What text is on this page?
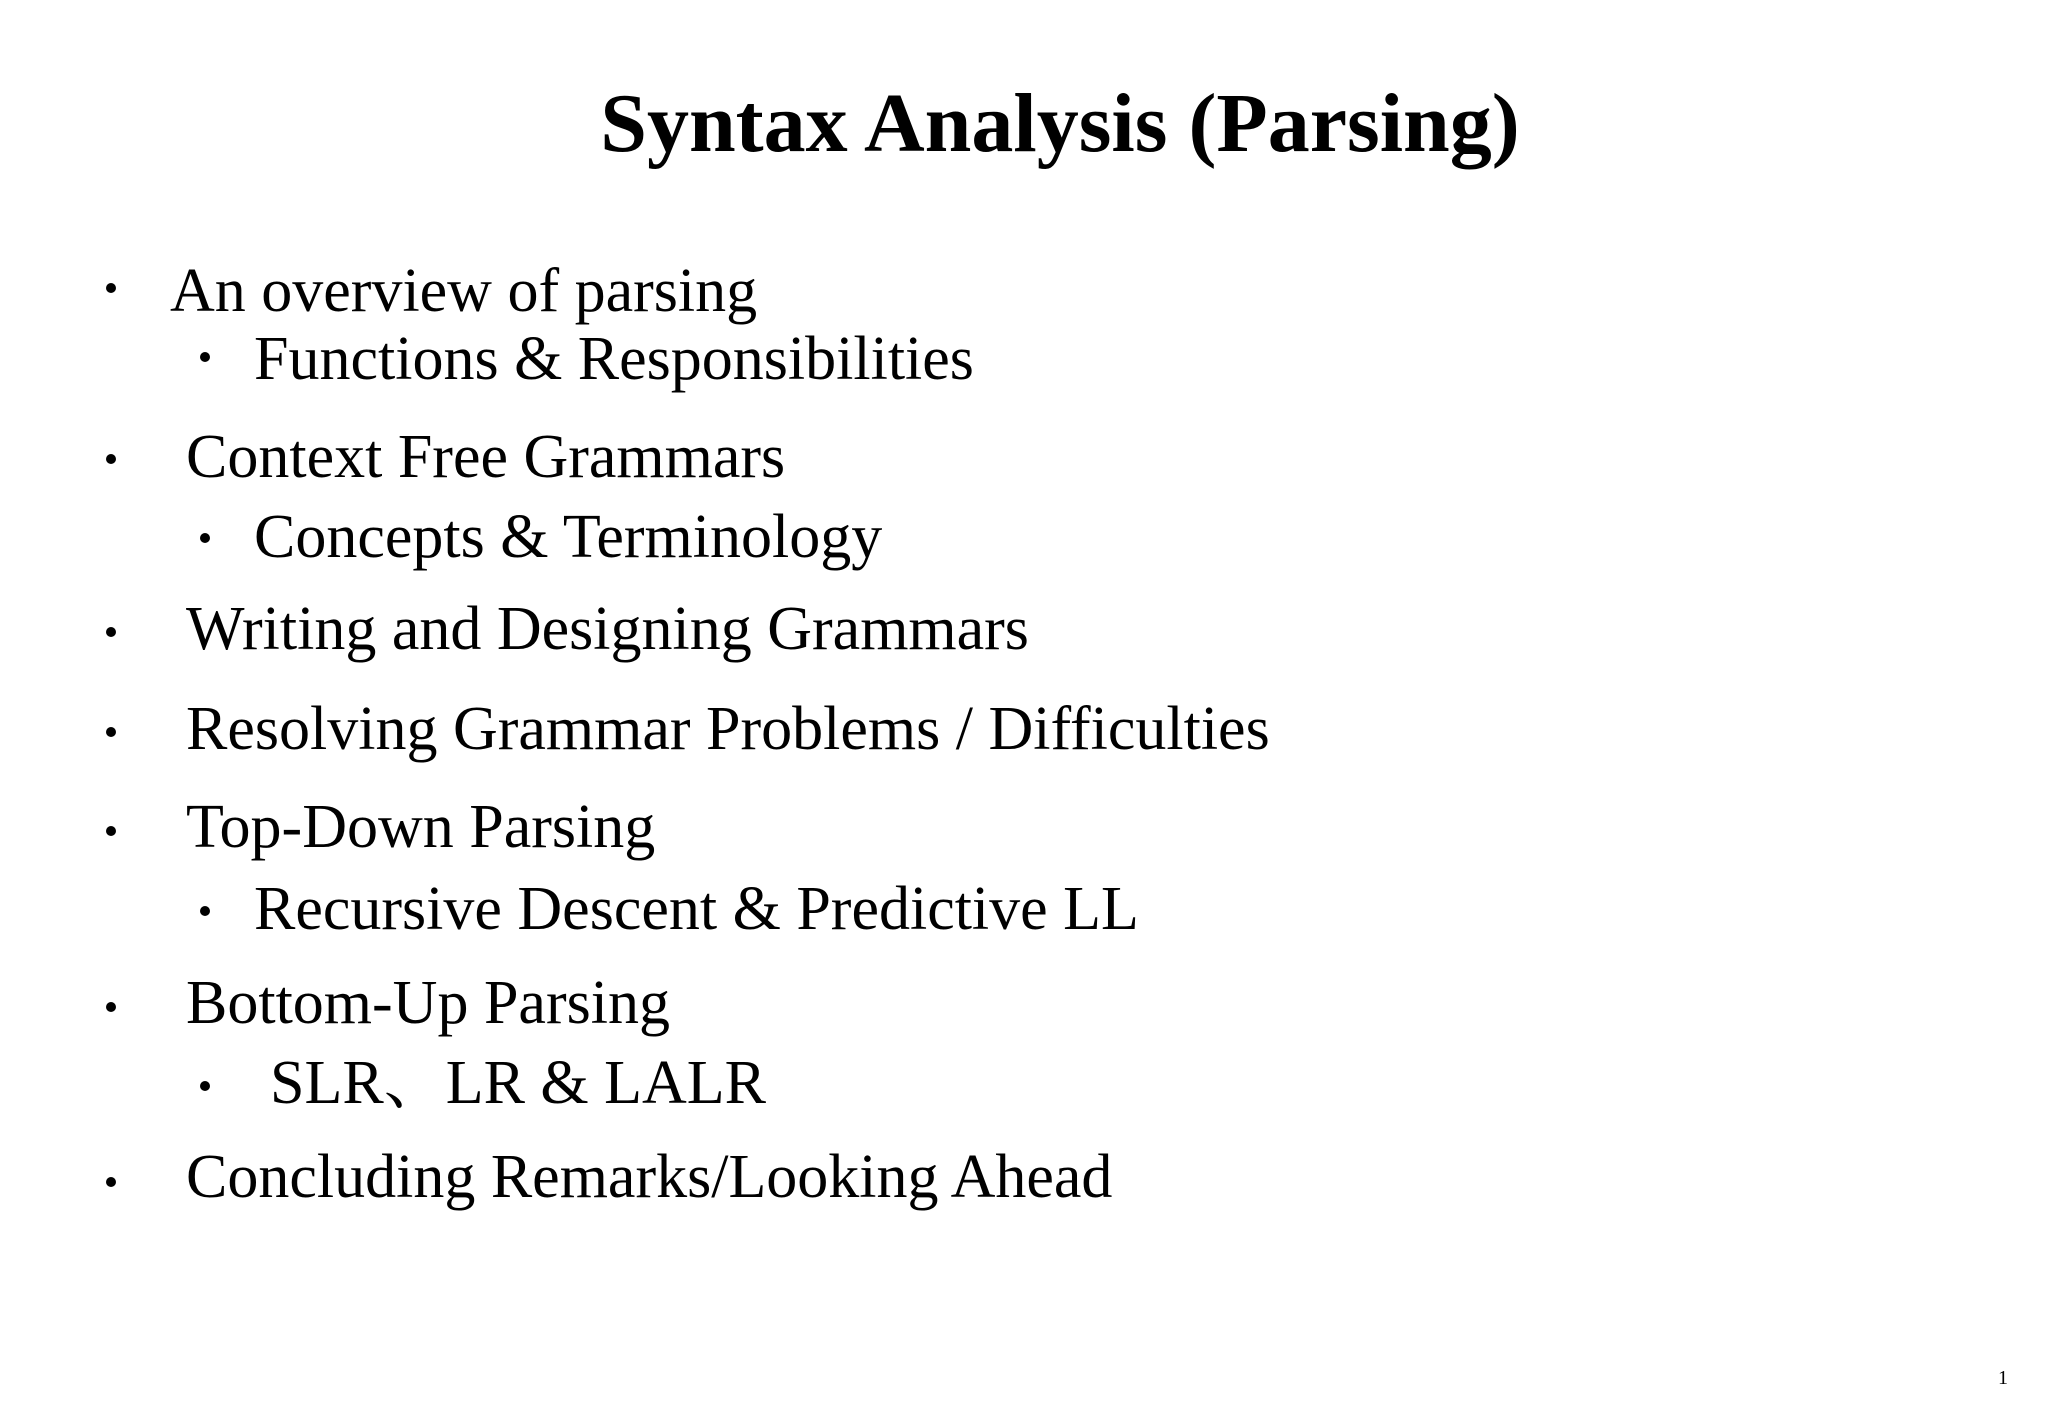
Syntax Analysis (Parsing)
An overview of parsing
Functions & Responsibilities
Context Free Grammars
Concepts & Terminology
Writing and Designing Grammars
Resolving Grammar Problems / Difficulties
Top-Down Parsing
Recursive Descent & Predictive LL
Bottom-Up Parsing
SLR、LR & LALR
Concluding Remarks/Looking Ahead
1
